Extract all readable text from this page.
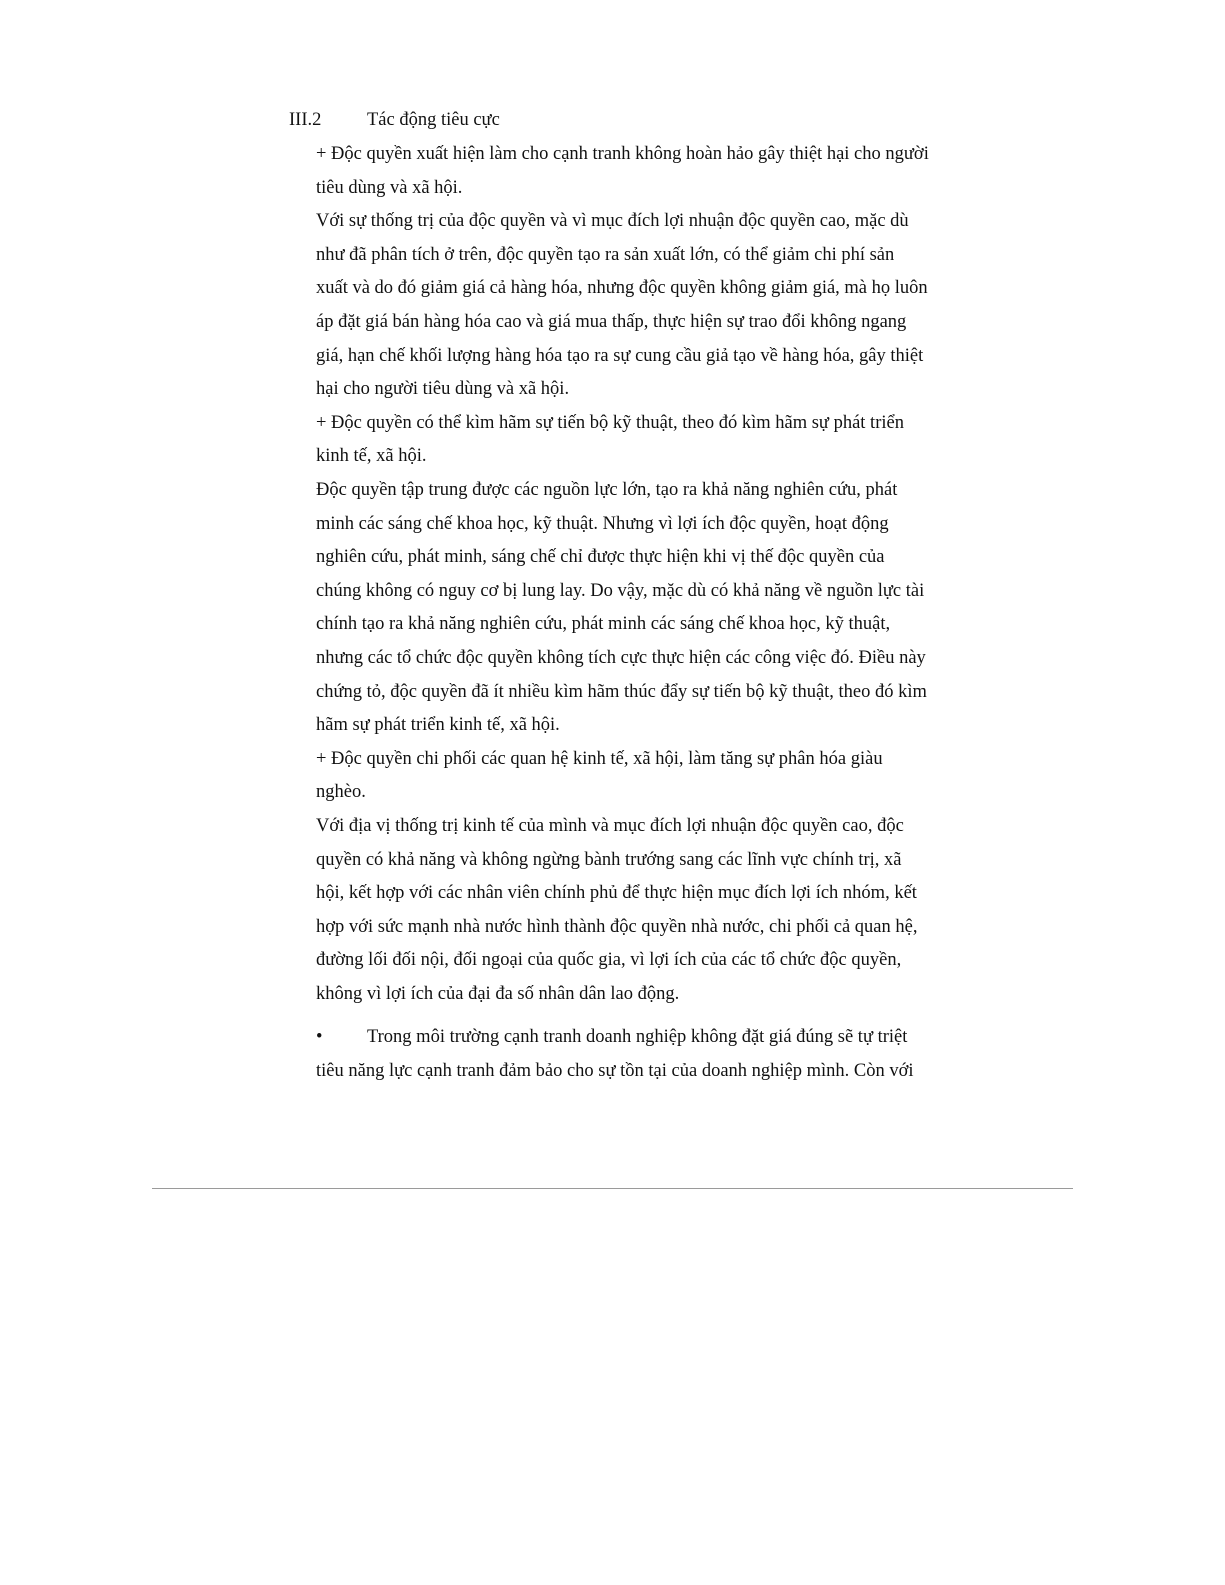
III.2 Tác động tiêu cực
+ Độc quyền xuất hiện làm cho cạnh tranh không hoàn hảo gây thiệt hại cho người
tiêu dùng và xã hội.
Với sự thống trị của độc quyền và vì mục đích lợi nhuận độc quyền cao, mặc dù
như đã phân tích ở trên, độc quyền tạo ra sản xuất lớn, có thể giảm chi phí sản
xuất và do đó giảm giá cả hàng hóa, nhưng độc quyền không giảm giá, mà họ luôn
áp đặt giá bán hàng hóa cao và giá mua thấp, thực hiện sự trao đổi không ngang
giá, hạn chế khối lượng hàng hóa tạo ra sự cung cầu giả tạo về hàng hóa, gây thiệt
hại cho người tiêu dùng và xã hội.
+ Độc quyền có thể kìm hãm sự tiến bộ kỹ thuật, theo đó kìm hãm sự phát triển
kinh tế, xã hội.
Độc quyền tập trung được các nguồn lực lớn, tạo ra khả năng nghiên cứu, phát
minh các sáng chế khoa học, kỹ thuật. Nhưng vì lợi ích độc quyền, hoạt động
nghiên cứu, phát minh, sáng chế chỉ được thực hiện khi vị thế độc quyền của
chúng không có nguy cơ bị lung lay. Do vậy, mặc dù có khả năng về nguồn lực tài
chính tạo ra khả năng nghiên cứu, phát minh các sáng chế khoa học, kỹ thuật,
nhưng các tổ chức độc quyền không tích cực thực hiện các công việc đó. Điều này
chứng tỏ, độc quyền đã ít nhiều kìm hãm thúc đẩy sự tiến bộ kỹ thuật, theo đó kìm
hãm sự phát triển kinh tế, xã hội.
+ Độc quyền chi phối các quan hệ kinh tế, xã hội, làm tăng sự phân hóa giàu
nghèo.
Với địa vị thống trị kinh tế của mình và mục đích lợi nhuận độc quyền cao, độc
quyền có khả năng và không ngừng bành trướng sang các lĩnh vực chính trị, xã
hội, kết hợp với các nhân viên chính phủ để thực hiện mục đích lợi ích nhóm, kết
hợp với sức mạnh nhà nước hình thành độc quyền nhà nước, chi phối cả quan hệ,
đường lối đối nội, đối ngoại của quốc gia, vì lợi ích của các tổ chức độc quyền,
không vì lợi ích của đại đa số nhân dân lao động.
• Trong môi trường cạnh tranh doanh nghiệp không đặt giá đúng sẽ tự triệt
tiêu năng lực cạnh tranh đảm bảo cho sự tồn tại của doanh nghiệp mình. Còn với
